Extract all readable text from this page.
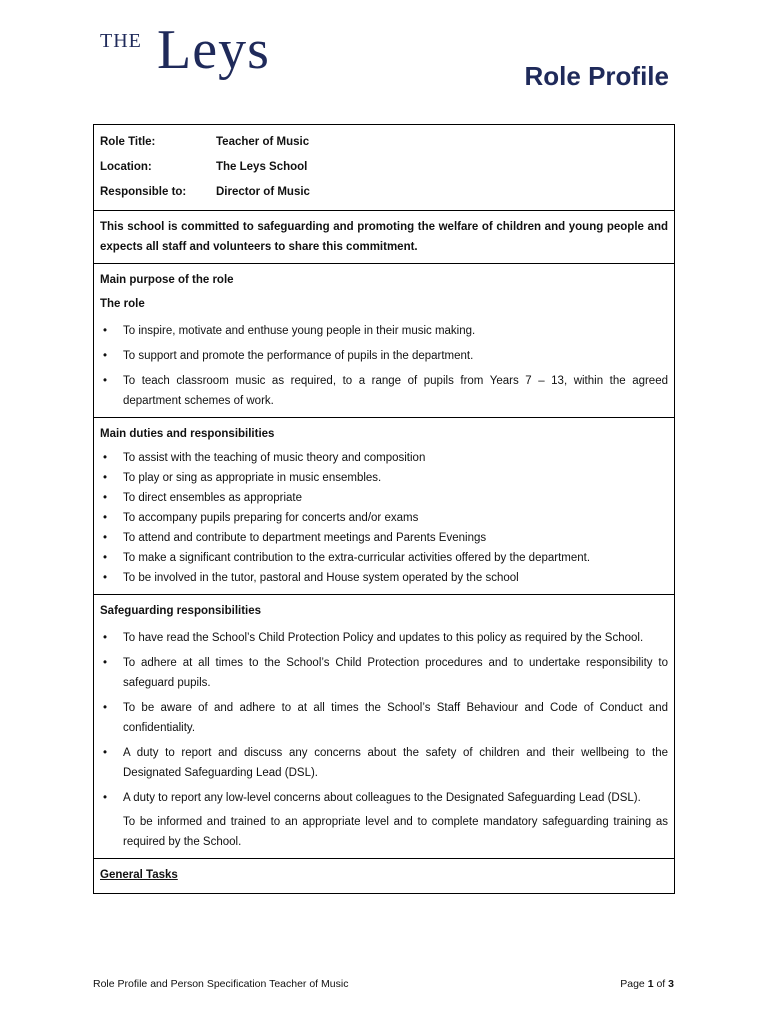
THE Leys	Role Profile
Role Title:	Teacher of Music
Location:	The Leys School
Responsible to:	Director of Music
This school is committed to safeguarding and promoting the welfare of children and young people and expects all staff and volunteers to share this commitment.
Main purpose of the role
The role
• To inspire, motivate and enthuse young people in their music making.
• To support and promote the performance of pupils in the department.
• To teach classroom music as required, to a range of pupils from Years 7 – 13, within the agreed department schemes of work.
Main duties and responsibilities
• To assist with the teaching of music theory and composition
• To play or sing as appropriate in music ensembles.
• To direct ensembles as appropriate
• To accompany pupils preparing for concerts and/or exams
• To attend and contribute to department meetings and Parents Evenings
• To make a significant contribution to the extra-curricular activities offered by the department.
• To be involved in the tutor, pastoral and House system operated by the school
Safeguarding responsibilities
• To have read the School’s Child Protection Policy and updates to this policy as required by the School.
• To adhere at all times to the School’s Child Protection procedures and to undertake responsibility to safeguard pupils.
• To be aware of and adhere to at all times the School’s Staff Behaviour and Code of Conduct and confidentiality.
• A duty to report and discuss any concerns about the safety of children and their wellbeing to the Designated Safeguarding Lead (DSL).
• A duty to report any low-level concerns about colleagues to the Designated Safeguarding Lead (DSL).
To be informed and trained to an appropriate level and to complete mandatory safeguarding training as required by the School.
General Tasks
Role Profile and Person Specification Teacher of Music	Page 1 of 3
